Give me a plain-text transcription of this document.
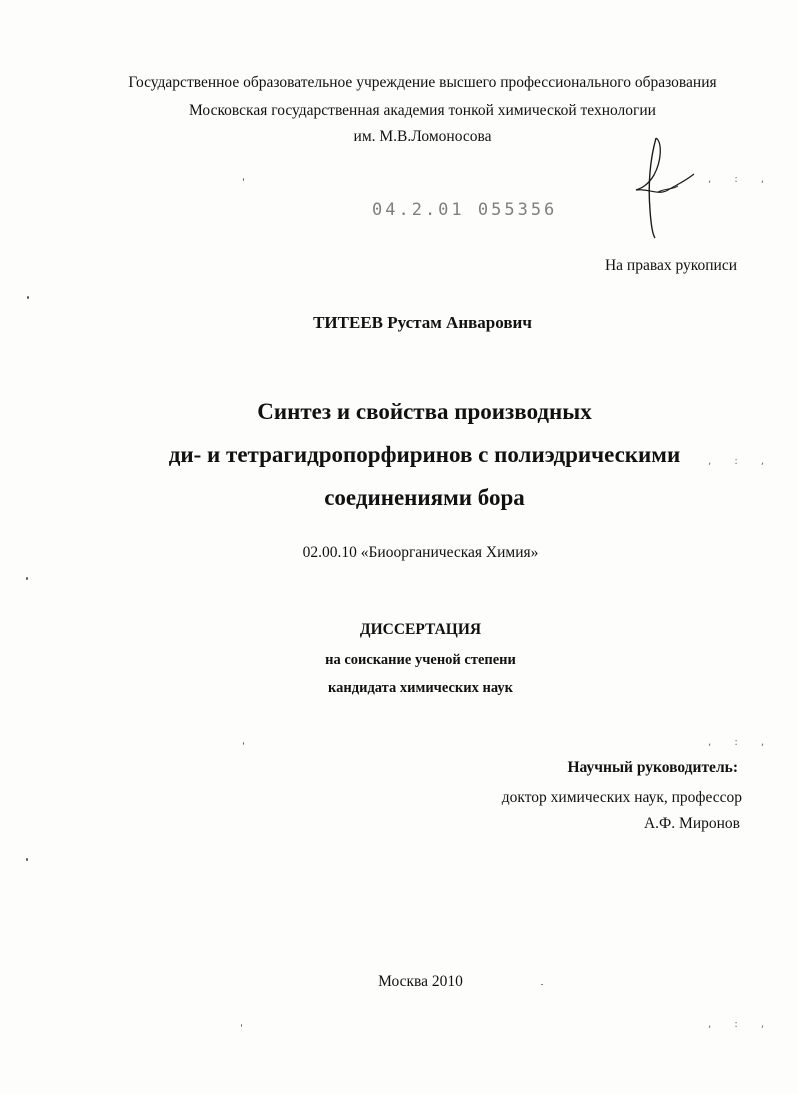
Государственное образовательное учреждение высшего профессионального образования
Московская государственная академия тонкой химической технологии
им. М.В.Ломоносова
04.2.01 055356
На правах рукописи
ТИТЕЕВ Рустам Анварович
Синтез и свойства производных
ди- и тетрагидропорфиринов с полиэдрическими
соединениями бора
02.00.10 «Биоорганическая Химия»
ДИССЕРТАЦИЯ
на соискание ученой степени
кандидата химических наук
Научный руководитель:
доктор химических наук, профессор
А.Ф. Миронов
Москва 2010
, : ,
, : ,
, : ,
, : ,
